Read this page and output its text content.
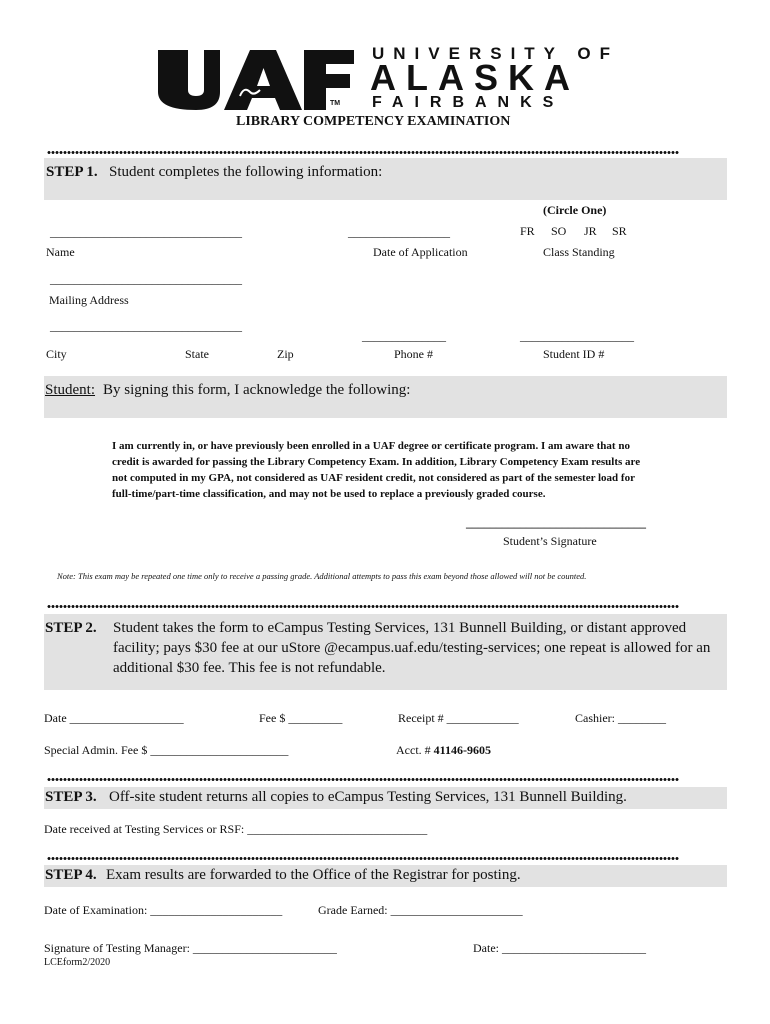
TM
UNIVERSITY OF
ALASKA
FAIRBANKS
LIBRARY COMPETENCY EXAMINATION
STEP 1. Student completes the following information:
(Circle One)
________________________________	_________________	FR SO JR SR
Name	Date of Application	Class Standing
________________________________
Mailing Address
________________________________
______________	___________________
City	State	Zip	Phone #	Student ID #
Student: By signing this form, I acknowledge the following:
I am currently in, or have previously been enrolled in a UAF degree or certificate program. I am aware that no
credit is awarded for passing the Library Competency Exam. In addition, Library Competency Exam results are
not computed in my GPA, not considered as UAF resident credit, not considered as part of the semester load for
full-time/part-time classification, and may not be used to replace a previously graded course.
______________________________
Student’s Signature
Note: This exam may be repeated one time only to receive a passing grade. Additional attempts to pass this exam beyond those allowed will not be counted.
STEP 2. Student takes the form to eCampus Testing Services, 131 Bunnell Building, or distant approved
facility; pays $30 fee at our uStore @ecampus.uaf.edu/testing-services; one repeat is allowed for an
additional $30 fee. This fee is not refundable.
Date ___________________	Fee $ _________	Receipt # ____________	Cashier: ________
Special Admin. Fee $ _______________________	Acct. # 41146-9605
STEP 3. Off-site student returns all copies to eCampus Testing Services, 131 Bunnell Building.
Date received at Testing Services or RSF: ______________________________
STEP 4. Exam results are forwarded to the Office of the Registrar for posting.
Date of Examination: ______________________	Grade Earned: ______________________
Signature of Testing Manager: ________________________	Date: ________________________
LCEform2/2020
